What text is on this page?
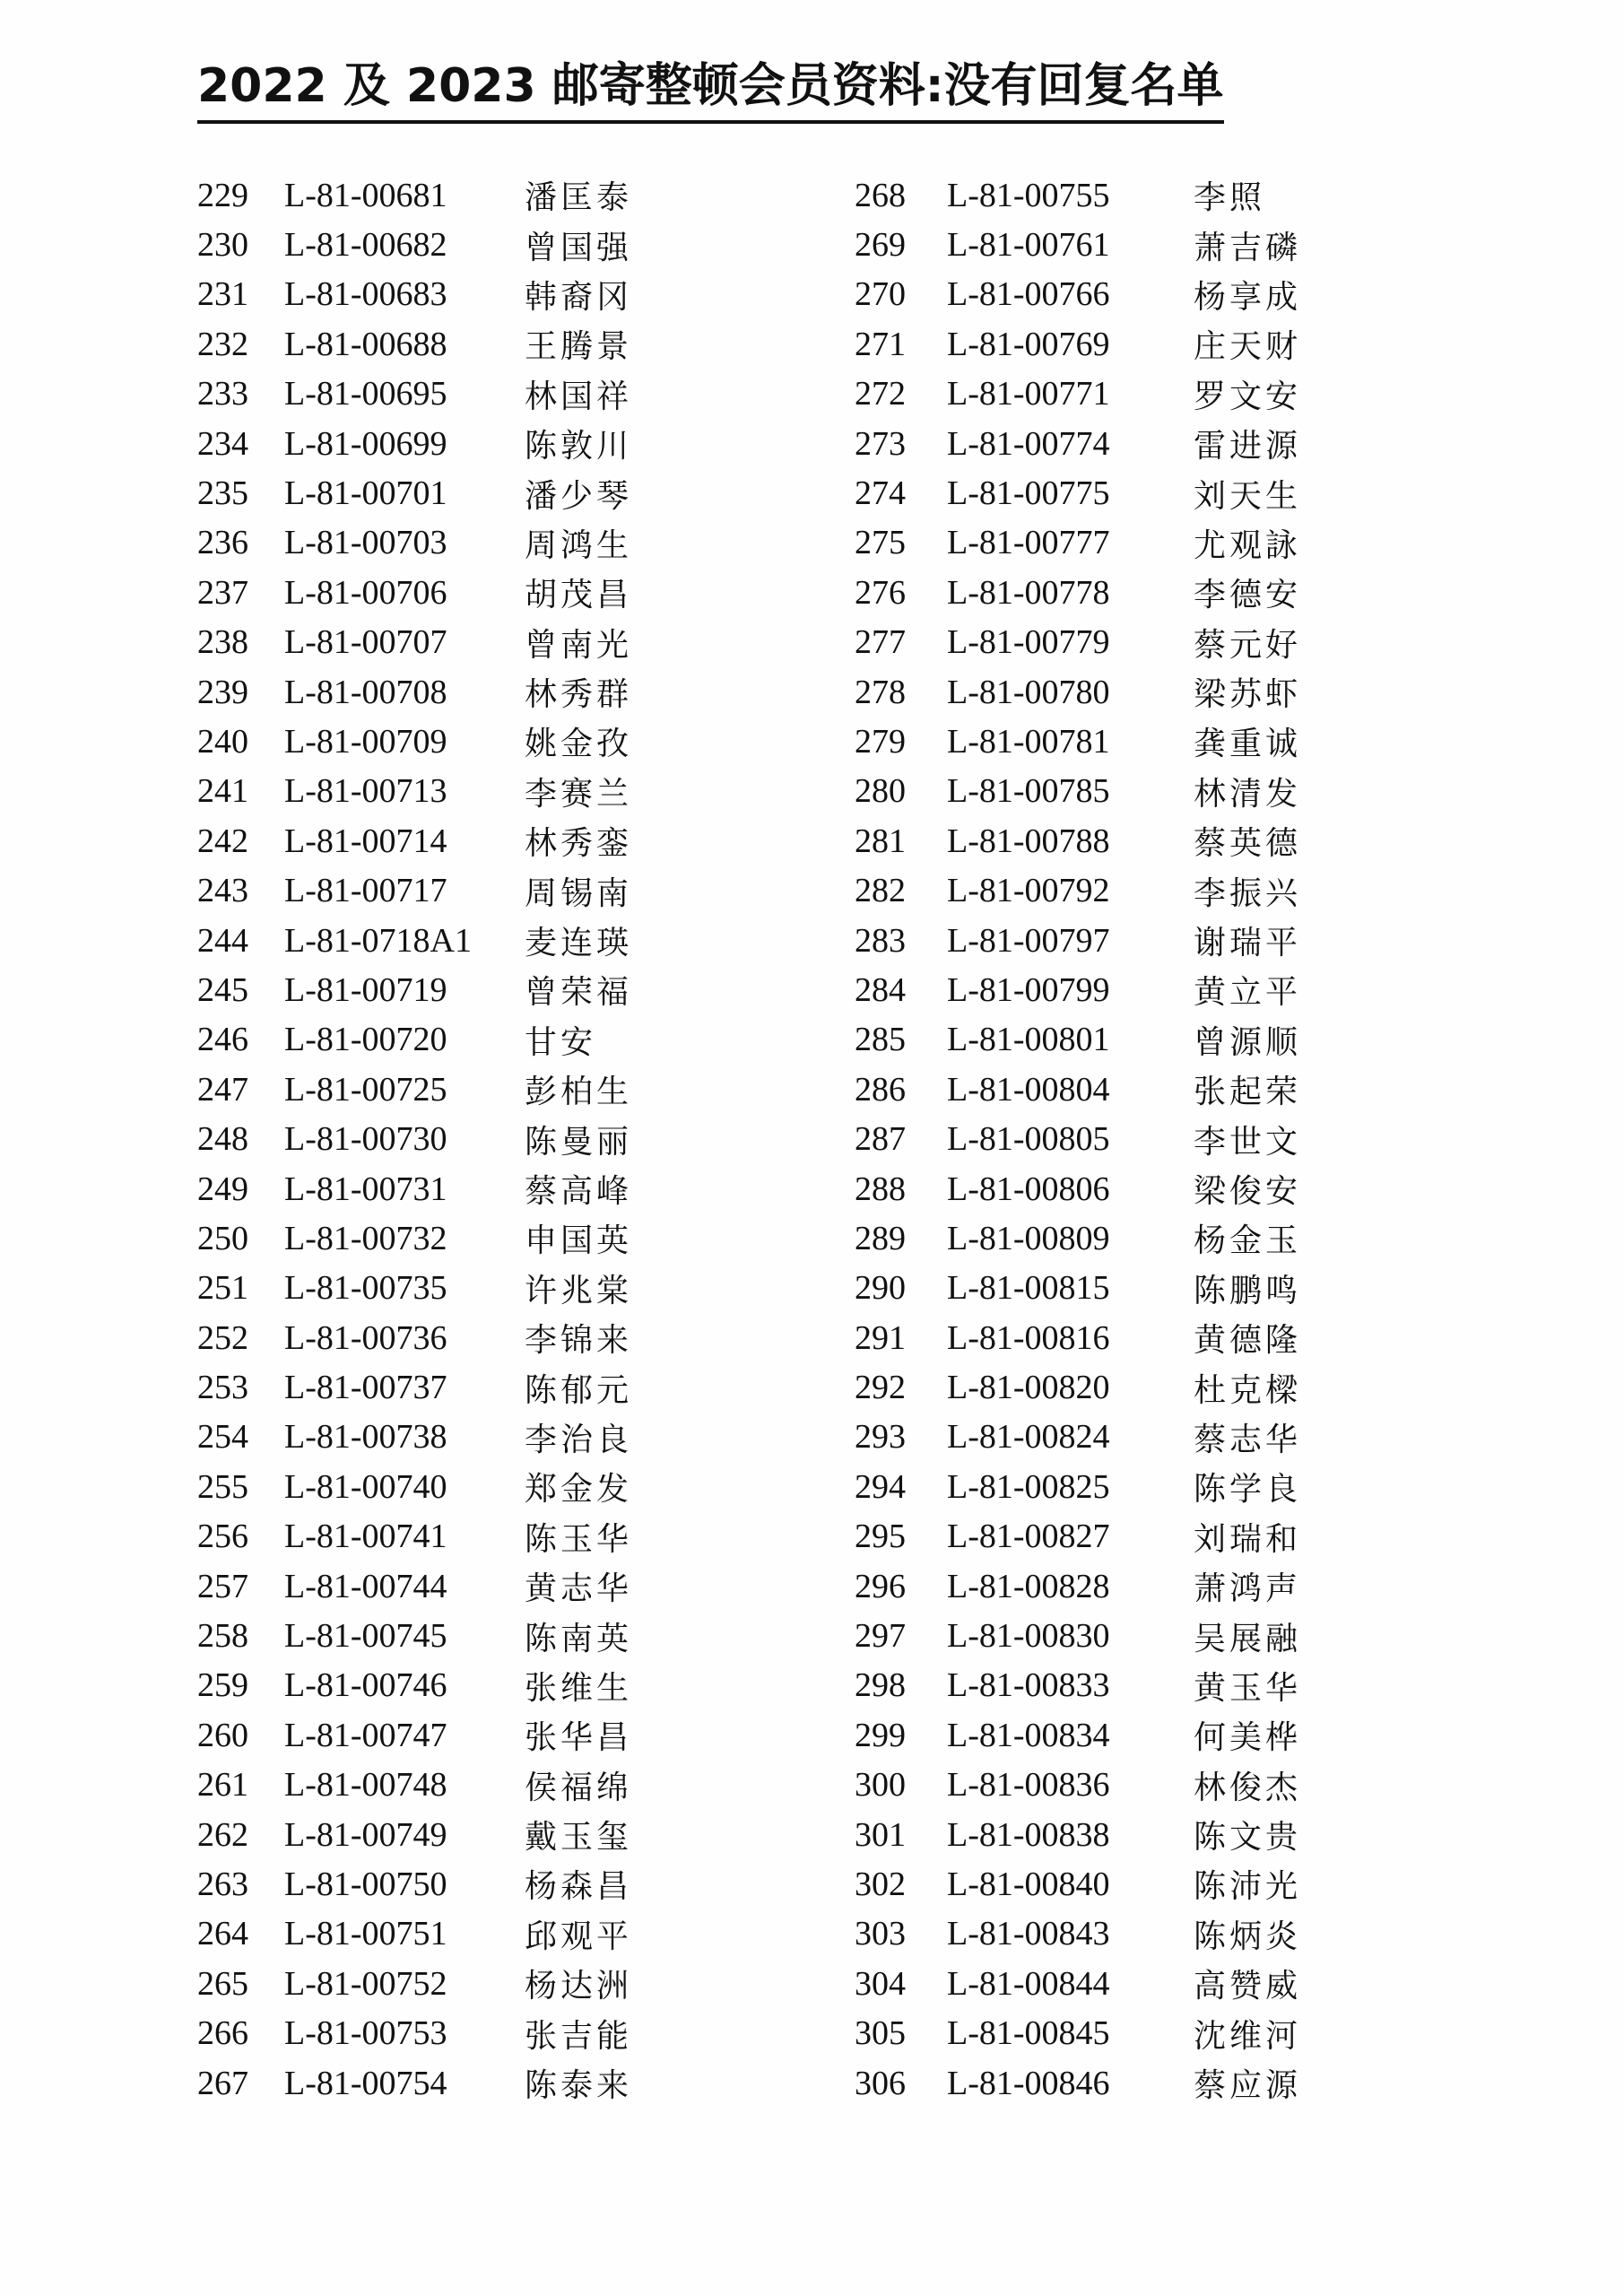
2022 及 2023 邮寄整顿会员资料:没有回复名单
229	L-81-00681	潘匡泰
230	L-81-00682	曾国强
231	L-81-00683	韩裔冈
232	L-81-00688	王腾景
233	L-81-00695	林国祥
234	L-81-00699	陈敦川
235	L-81-00701	潘少琴
236	L-81-00703	周鸿生
237	L-81-00706	胡茂昌
238	L-81-00707	曾南光
239	L-81-00708	林秀群
240	L-81-00709	姚金孜
241	L-81-00713	李赛兰
242	L-81-00714	林秀銮
243	L-81-00717	周锡南
244	L-81-0718A1	麦连瑛
245	L-81-00719	曾荣福
246	L-81-00720	甘安
247	L-81-00725	彭柏生
248	L-81-00730	陈曼丽
249	L-81-00731	蔡高峰
250	L-81-00732	申国英
251	L-81-00735	许兆棠
252	L-81-00736	李锦来
253	L-81-00737	陈郁元
254	L-81-00738	李治良
255	L-81-00740	郑金发
256	L-81-00741	陈玉华
257	L-81-00744	黄志华
258	L-81-00745	陈南英
259	L-81-00746	张维生
260	L-81-00747	张华昌
261	L-81-00748	侯福绵
262	L-81-00749	戴玉玺
263	L-81-00750	杨森昌
264	L-81-00751	邱观平
265	L-81-00752	杨达洲
266	L-81-00753	张吉能
267	L-81-00754	陈泰来
268	L-81-00755	李照
269	L-81-00761	萧吉磷
270	L-81-00766	杨享成
271	L-81-00769	庄天财
272	L-81-00771	罗文安
273	L-81-00774	雷进源
274	L-81-00775	刘天生
275	L-81-00777	尤观詠
276	L-81-00778	李德安
277	L-81-00779	蔡元好
278	L-81-00780	梁苏虾
279	L-81-00781	龚重诚
280	L-81-00785	林清发
281	L-81-00788	蔡英德
282	L-81-00792	李振兴
283	L-81-00797	谢瑞平
284	L-81-00799	黄立平
285	L-81-00801	曾源顺
286	L-81-00804	张起荣
287	L-81-00805	李世文
288	L-81-00806	梁俊安
289	L-81-00809	杨金玉
290	L-81-00815	陈鹏鸣
291	L-81-00816	黄德隆
292	L-81-00820	杜克樑
293	L-81-00824	蔡志华
294	L-81-00825	陈学良
295	L-81-00827	刘瑞和
296	L-81-00828	萧鸿声
297	L-81-00830	吴展融
298	L-81-00833	黄玉华
299	L-81-00834	何美桦
300	L-81-00836	林俊杰
301	L-81-00838	陈文贵
302	L-81-00840	陈沛光
303	L-81-00843	陈炳炎
304	L-81-00844	高赞威
305	L-81-00845	沈维河
306	L-81-00846	蔡应源
